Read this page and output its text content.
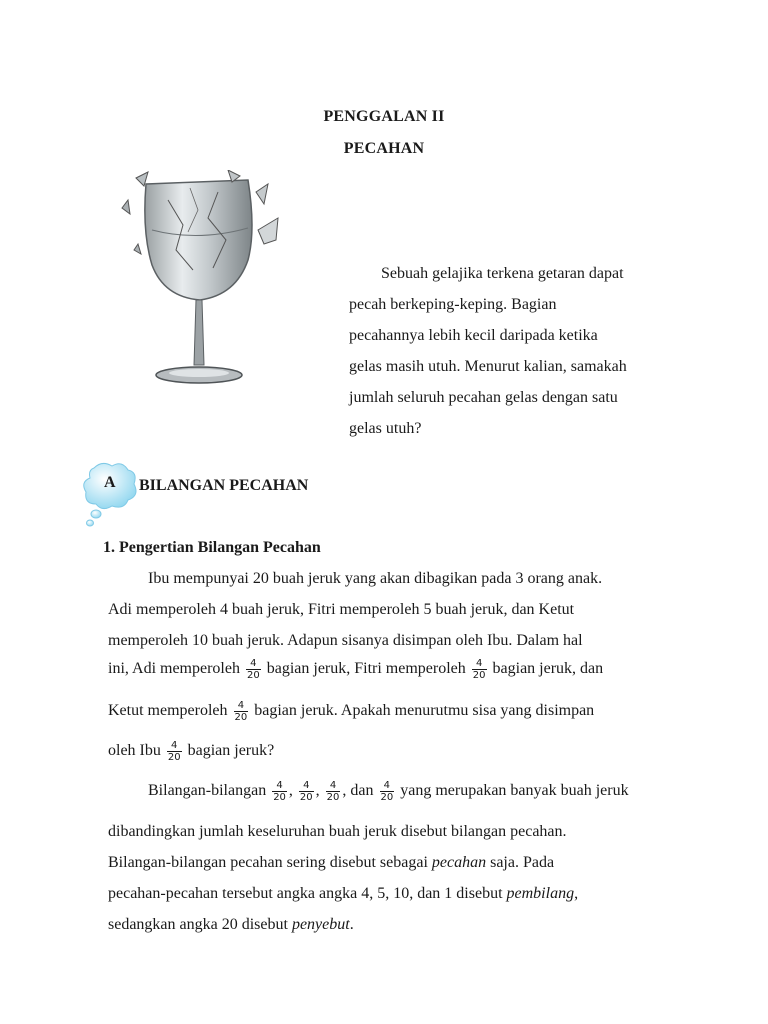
PENGGALAN II
PECAHAN
Sebuah gelajika terkena getaran dapat
pecah berkeping-keping. Bagian
pecahannya lebih kecil daripada ketika
gelas masih utuh. Menurut kalian, samakah
jumlah seluruh pecahan gelas dengan satu
gelas utuh?
A BILANGAN PECAHAN
1. Pengertian Bilangan Pecahan
Ibu mempunyai 20 buah jeruk yang akan dibagikan pada 3 orang anak.
Adi memperoleh 4 buah jeruk, Fitri memperoleh 5 buah jeruk, dan Ketut
memperoleh 10 buah jeruk. Adapun sisanya disimpan oleh Ibu. Dalam hal
ini, Adi memperoleh $\frac{4}{20}$ bagian jeruk, Fitri memperoleh $\frac{4}{20}$ bagian jeruk, dan
Ketut memperoleh $\frac{4}{20}$ bagian jeruk. Apakah menurutmu sisa yang disimpan
oleh Ibu $\frac{4}{20}$ bagian jeruk?
Bilangan-bilangan $\frac{4}{20}$ , $\frac{4}{20}$ , $\frac{4}{20}$ , dan $\frac{4}{20}$ yang merupakan banyak buah jeruk
dibandingkan jumlah keseluruhan buah jeruk disebut bilangan pecahan.
Bilangan-bilangan pecahan sering disebut sebagai pecahan saja. Pada
pecahan-pecahan tersebut angka angka 4, 5, 10, dan 1 disebut pembilang,
sedangkan angka 20 disebut penyebut.
